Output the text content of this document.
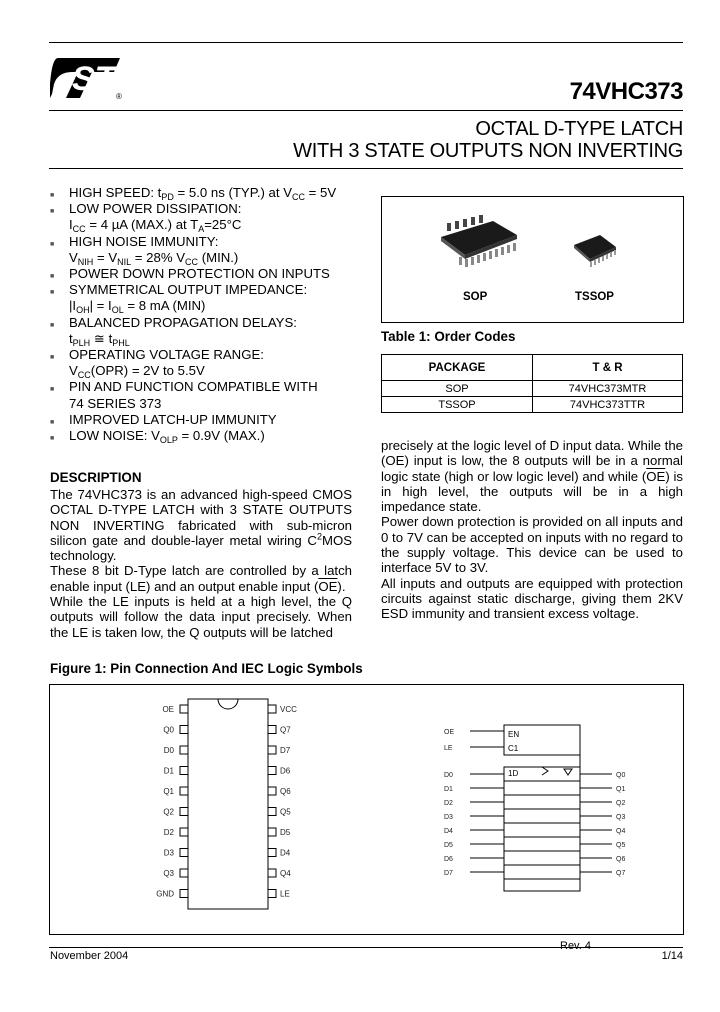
ST ®	74VHC373
OCTAL D-TYPE LATCH
WITH 3 STATE OUTPUTS NON INVERTING
■ HIGH SPEED: $t_{PD} = 5.0$ ns (TYP.) at $V_{CC} = 5V$
■ LOW POWER DISSIPATION:
$I_{CC} = 4$ µA (MAX.) at $T_A=25^\circ C$
■ HIGH NOISE IMMUNITY:
$V_{NIH} = V_{NIL} = 28\%$ $V_{CC}$ (MIN.)
■ POWER DOWN PROTECTION ON INPUTS
■ SYMMETRICAL OUTPUT IMPEDANCE:
$|I_{OH}| = I_{OL} = 8$ mA (MIN)
■ BALANCED PROPAGATION DELAYS:
$t_{PLH}$ ≅ $t_{PHL}$
■ OPERATING VOLTAGE RANGE:
$V_{CC}(OPR) = 2V$ to 5.5V
■ PIN AND FUNCTION COMPATIBLE WITH
74 SERIES 373
■ IMPROVED LATCH-UP IMMUNITY
■ LOW NOISE: $V_{OLP} = 0.9V$ (MAX.)
SOP	TSSOP
Table 1: Order Codes
PACKAGE	T & R
SOP	74VHC373MTR
TSSOP	74VHC373TTR
DESCRIPTION
The 74VHC373 is an advanced high-speed CMOS OCTAL D-TYPE LATCH with 3 STATE OUTPUTS NON INVERTING fabricated with sub-micron silicon gate and double-layer metal wiring $C^2MOS$ technology.
These 8 bit D-Type latch are controlled by a latch enable input (LE) and an output enable input $(\overline{OE})$.
While the LE inputs is held at a high level, the Q outputs will follow the data input precisely. When the LE is taken low, the Q outputs will be latched
precisely at the logic level of D input data. While the (OE) input is low, the 8 outputs will be in a normal logic state (high or low logic level) and while $(\overline{OE})$ is in high level, the outputs will be in a high impedance state.
Power down protection is provided on all inputs and 0 to 7V can be accepted on inputs with no regard to the supply voltage. This device can be used to interface 5V to 3V.
All inputs and outputs are equipped with protection circuits against static discharge, giving them 2KV ESD immunity and transient excess voltage.
Figure 1: Pin Connection And IEC Logic Symbols
OE	VCC
Q0	Q7
D0	D7
D1	D6
Q1	Q6
Q2	Q5
D2	D5
D3	D4
Q3	Q4
GND	LE
EN
C1
1D
OE
LE
D0
D1
D2
D3
D4
D5
D6
D7
Q0
Q1
Q2
Q3
Q4
Q5
Q6
Q7
November 2004
Rev. 4
1/14
